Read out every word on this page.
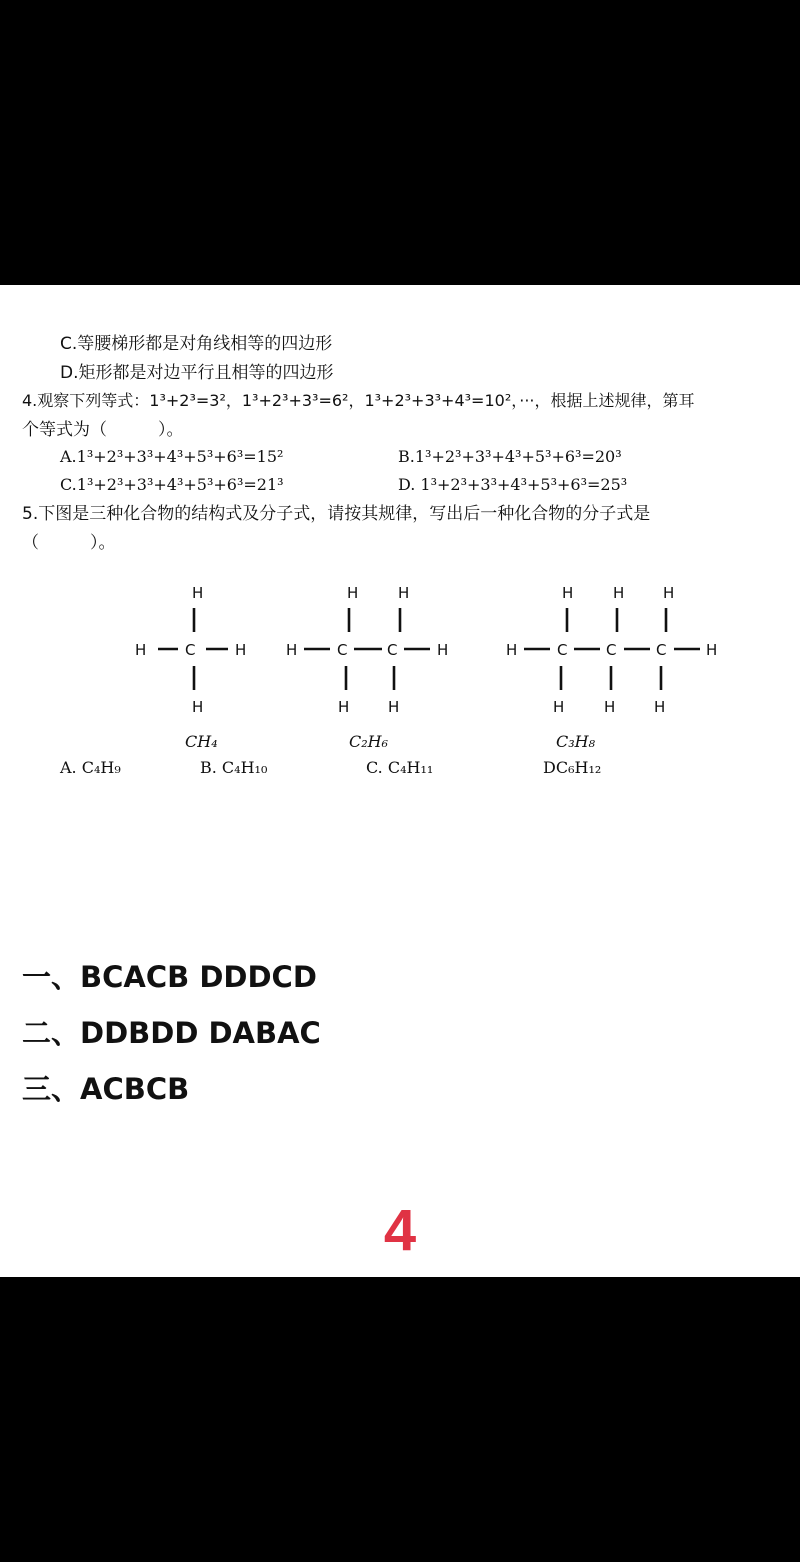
C.等腰梯形都是对角线相等的四边形
D.矩形都是对边平行且相等的四边形
4.观察下列等式：1³+2³=3²，1³+2³+3³=6²，1³+2³+3³+4³=10²，···，根据上述规律，第耳
个等式为（　　　）。
A.1³+2³+3³+4³+5³+6³=15²	B.1³+2³+3³+4³+5³+6³=20³
C.1³+2³+3³+4³+5³+6³=21³	D. 1³+2³+3³+4³+5³+6³=25³
5.下图是三种化合物的结构式及分子式，请按其规律，写出后一种化合物的分子式是
（　　　）。
H
H	C	H
H
H	H
H	C	C	H
H	H
H	H	H
H	C	C	C	H
H	H	H
CH₄	C₂H₆	C₃H₈
A. C₄H₉	B. C₄H₁₀	C. C₄H₁₁	DC₆H₁₂
一、BCACB DDDCD
二、DDBDD DABAC
三、ACBCB
4
